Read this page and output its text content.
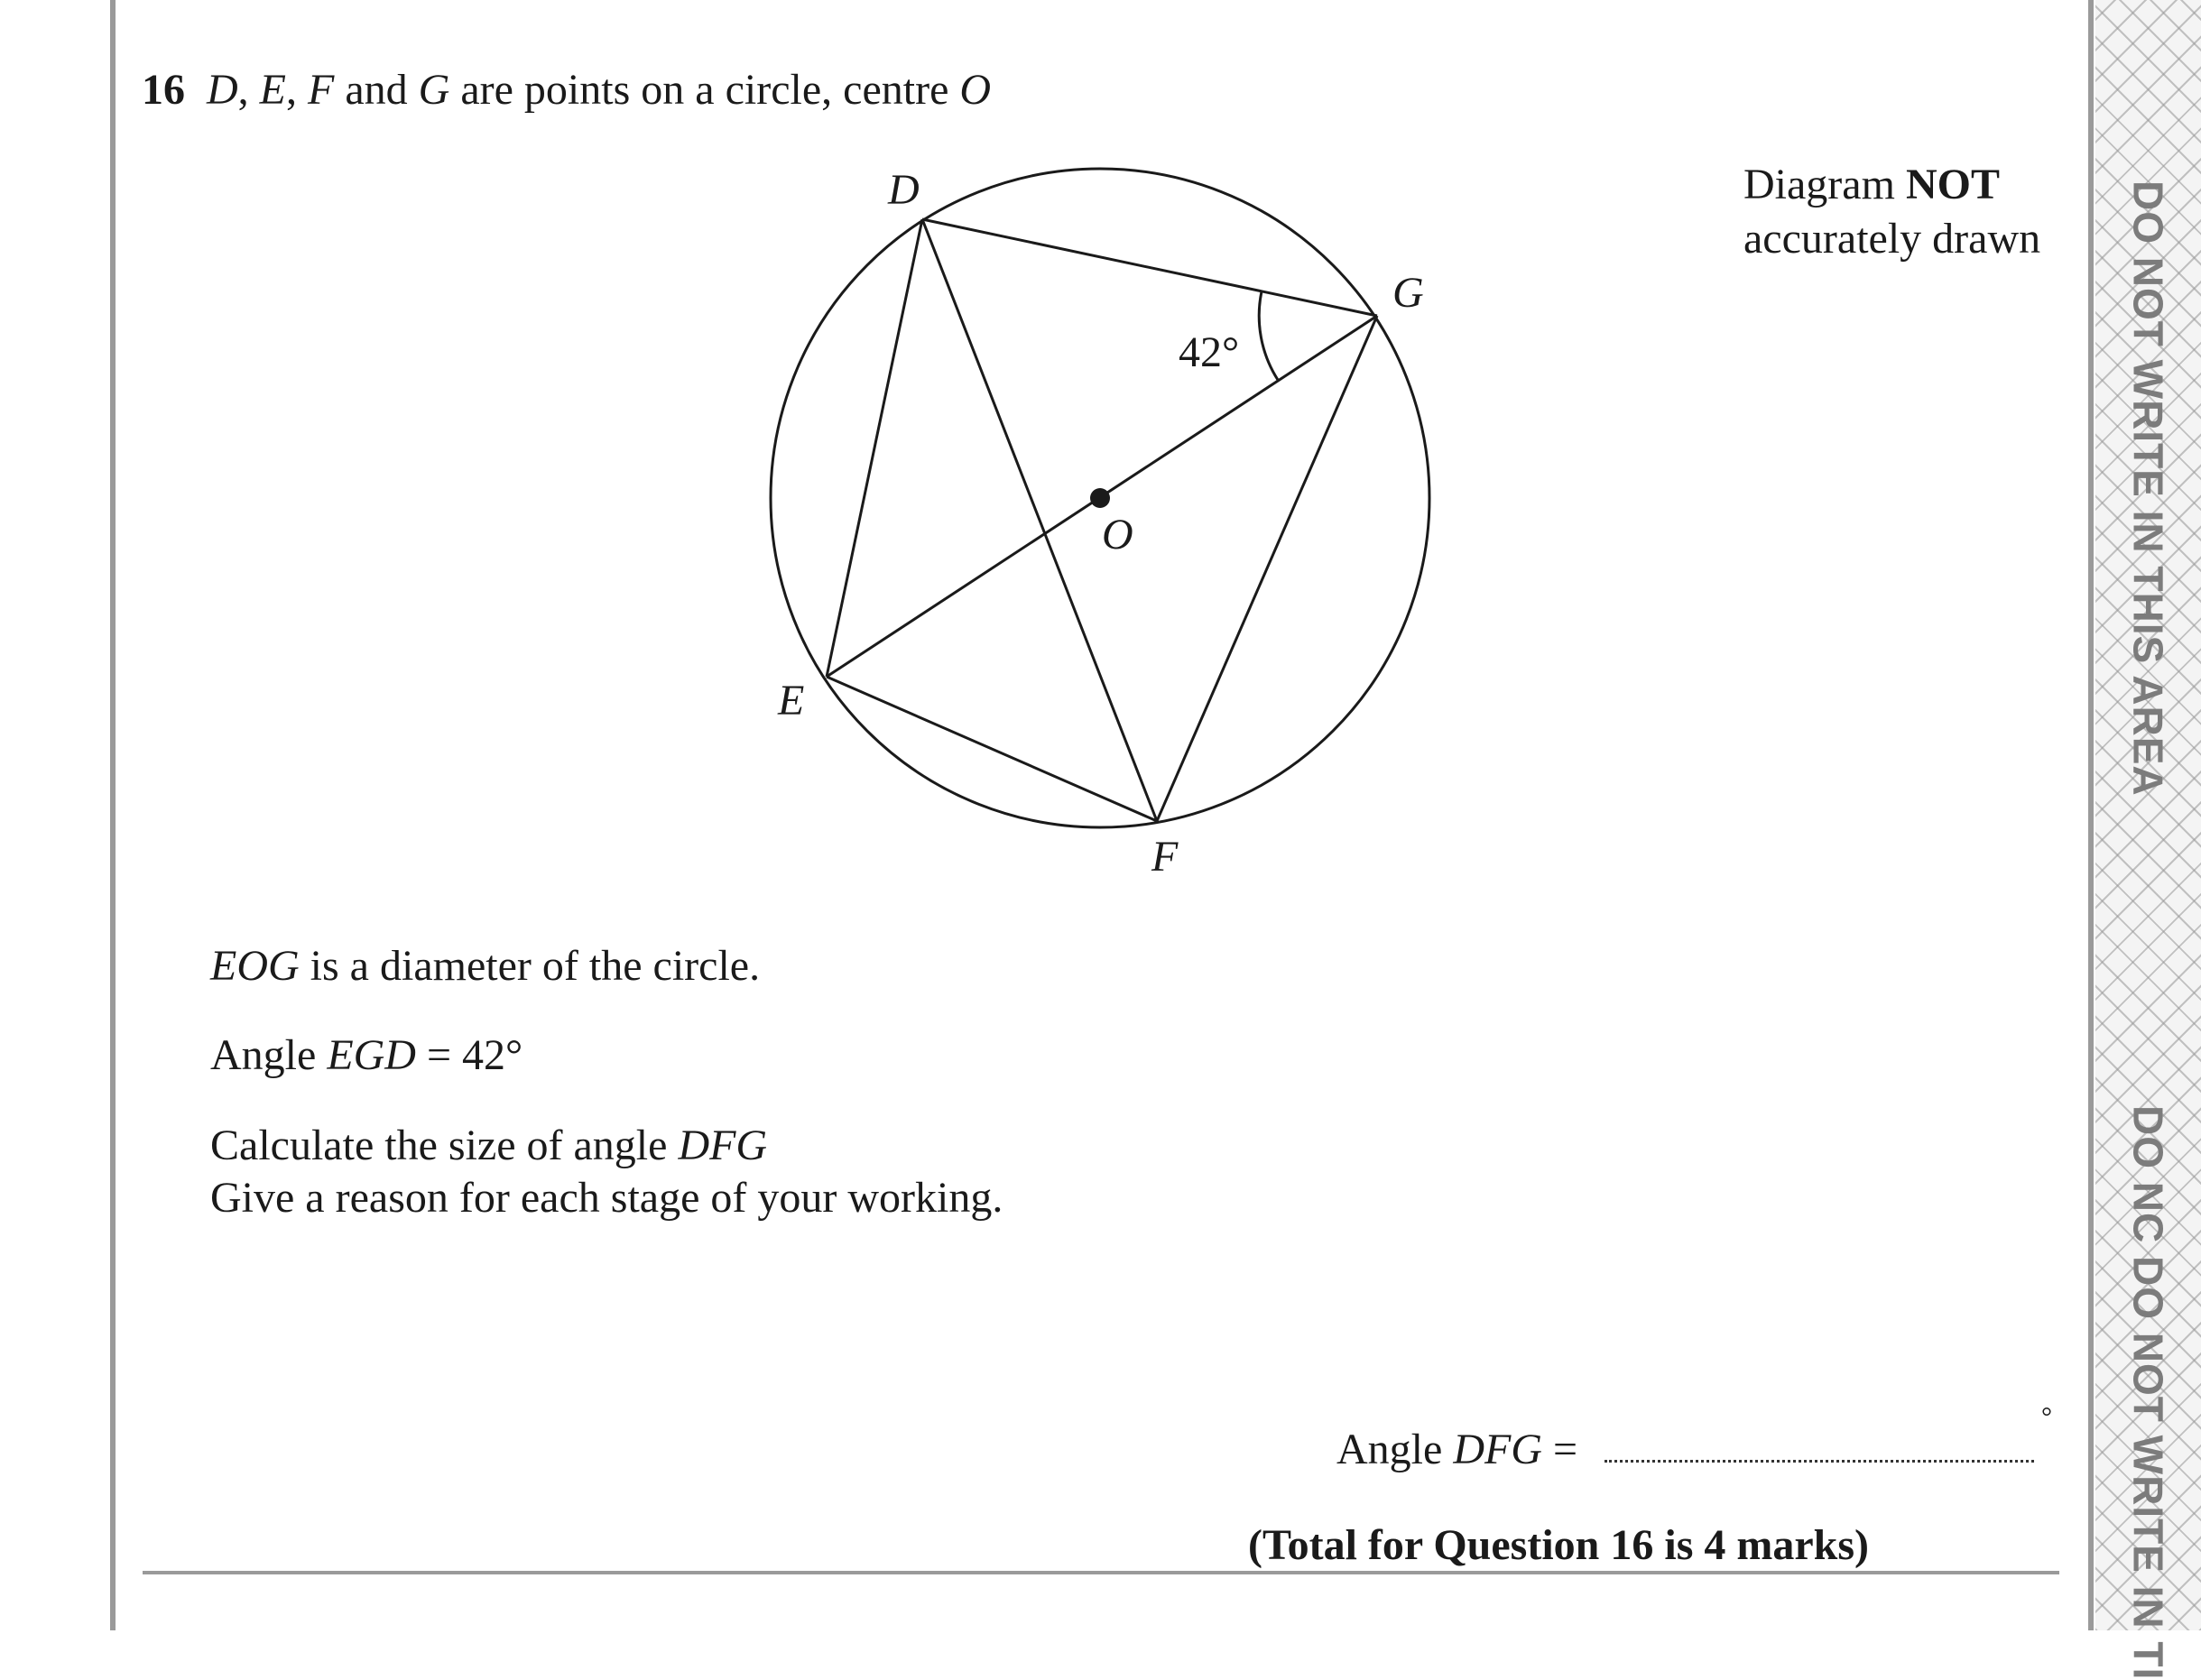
DO NOT WRITE IN THIS AREA
DO NC DO NOT WRITE IN TI
16 D, E, F and G are points on a circle, centre O
Diagram NOT
accurately drawn
D
G
O
E
F
42°
EOG is a diameter of the circle.
Angle EGD = 42°
Calculate the size of angle DFG
Give a reason for each stage of your working.
Angle DFG =
°
(Total for Question 16 is 4 marks)
